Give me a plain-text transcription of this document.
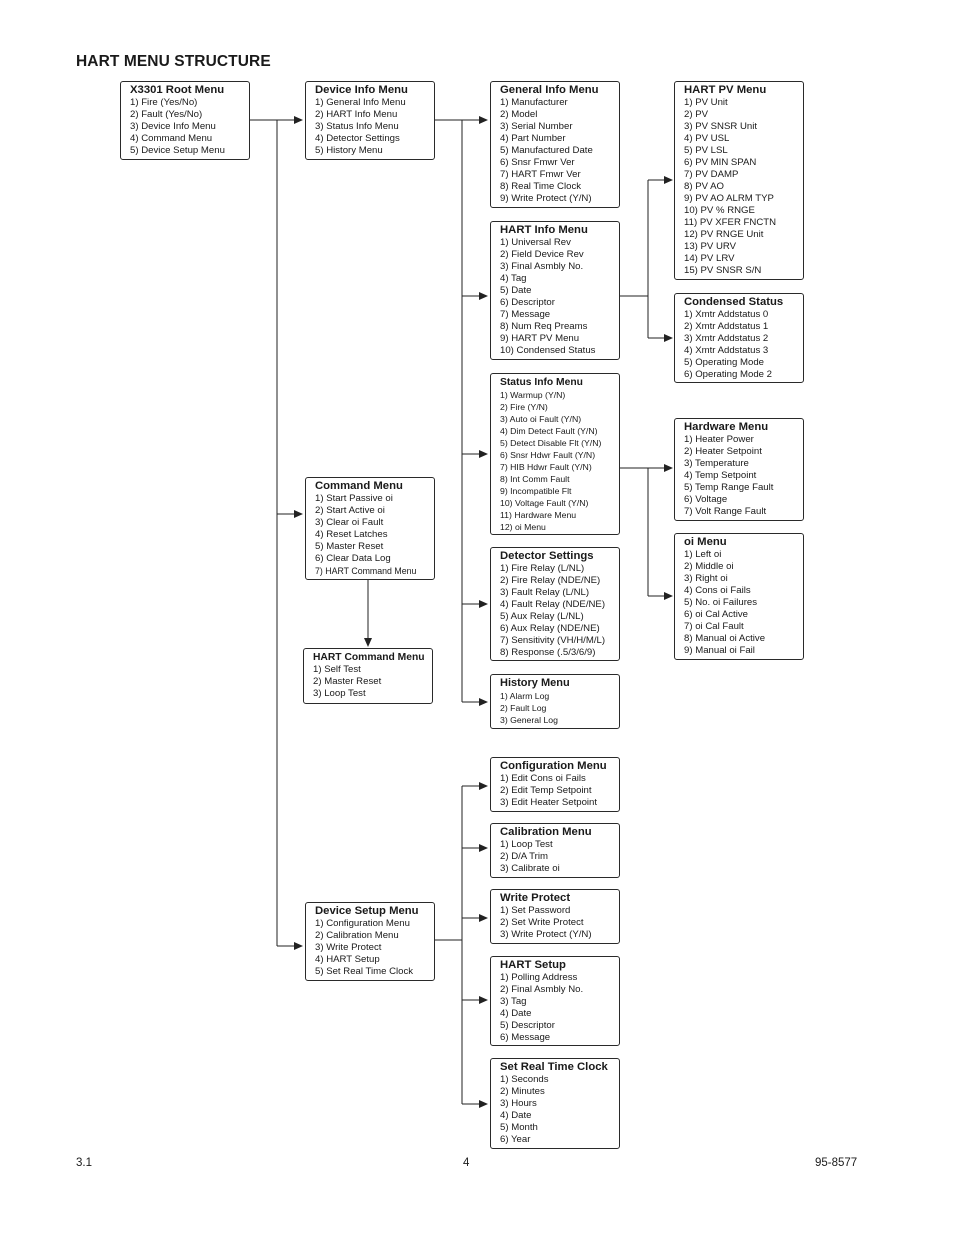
HART MENU STRUCTURE
X3301 Root Menu
1) Fire (Yes/No)
2) Fault (Yes/No)
3) Device Info Menu
4) Command Menu
5) Device Setup Menu
Device Info Menu
1) General Info Menu
2) HART Info Menu
3) Status Info Menu
4) Detector Settings
5) History Menu
Command Menu
1) Start Passive oi
2) Start Active oi
3) Clear oi Fault
4) Reset Latches
5) Master Reset
6) Clear Data Log
7) HART Command Menu
HART Command Menu
1) Self Test
2) Master Reset
3) Loop Test
Device Setup Menu
1) Configuration Menu
2) Calibration Menu
3) Write Protect
4) HART Setup
5) Set Real Time Clock
General Info Menu
1) Manufacturer
2) Model
3) Serial Number
4) Part Number
5) Manufactured Date
6) Snsr Fmwr Ver
7) HART Fmwr Ver
8) Real Time Clock
9) Write Protect (Y/N)
HART Info Menu
1) Universal Rev
2) Field Device Rev
3) Final Asmbly No.
4) Tag
5) Date
6) Descriptor
7) Message
8) Num Req Preams
9) HART PV Menu
10) Condensed Status
Status Info Menu
1) Warmup (Y/N)
2) Fire (Y/N)
3) Auto oi Fault (Y/N)
4) Dim Detect Fault (Y/N)
5) Detect Disable Flt (Y/N)
6) Snsr Hdwr Fault (Y/N)
7) HIB Hdwr Fault (Y/N)
8) Int Comm Fault
9) Incompatible Flt
10) Voltage Fault (Y/N)
11) Hardware Menu
12) oi Menu
Detector Settings
1) Fire Relay (L/NL)
2) Fire Relay (NDE/NE)
3) Fault Relay (L/NL)
4) Fault Relay (NDE/NE)
5) Aux Relay (L/NL)
6) Aux Relay (NDE/NE)
7) Sensitivity (VH/H/M/L)
8) Response (.5/3/6/9)
History Menu
1) Alarm Log
2) Fault Log
3) General Log
Configuration Menu
1) Edit Cons oi Fails
2) Edit Temp Setpoint
3) Edit Heater Setpoint
Calibration Menu
1) Loop Test
2) D/A Trim
3) Calibrate oi
Write Protect
1) Set Password
2) Set Write Protect
3) Write Protect (Y/N)
HART Setup
1) Polling Address
2) Final Asmbly No.
3) Tag
4) Date
5) Descriptor
6) Message
Set Real Time Clock
1) Seconds
2) Minutes
3) Hours
4) Date
5) Month
6) Year
HART PV Menu
1) PV Unit
2) PV
3) PV SNSR Unit
4) PV USL
5) PV LSL
6) PV MIN SPAN
7) PV DAMP
8) PV AO
9) PV AO ALRM TYP
10) PV % RNGE
11) PV XFER FNCTN
12) PV RNGE Unit
13) PV URV
14) PV LRV
15) PV SNSR S/N
Condensed Status
1) Xmtr Addstatus 0
2) Xmtr Addstatus 1
3) Xmtr Addstatus 2
4) Xmtr Addstatus 3
5) Operating Mode
6) Operating Mode 2
Hardware Menu
1) Heater Power
2) Heater Setpoint
3) Temperature
4) Temp Setpoint
5) Temp Range Fault
6) Voltage
7) Volt Range Fault
oi Menu
1) Left oi
2) Middle oi
3) Right oi
4) Cons oi Fails
5) No. oi Failures
6) oi Cal Active
7) oi Cal Fault
8) Manual oi Active
9) Manual oi Fail
3.1	4	95-8577
